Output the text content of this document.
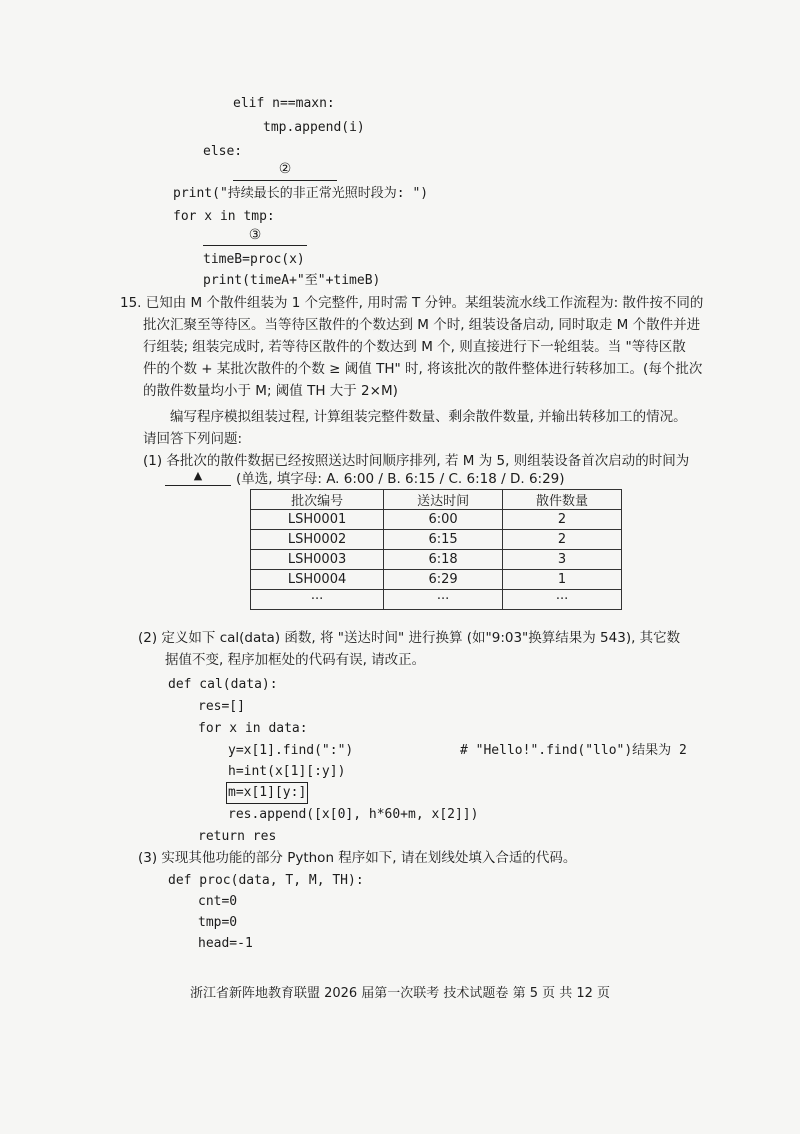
elif n==maxn:
tmp.append(i)
else:
②
print("持续最长的非正常光照时段为: ")
for x in tmp:
③
timeB=proc(x)
print(timeA+"至"+timeB)
15. 已知由 M 个散件组装为 1 个完整件, 用时需 T 分钟。某组装流水线工作流程为: 散件按不同的
批次汇聚至等待区。当等待区散件的个数达到 M 个时, 组装设备启动, 同时取走 M 个散件并进
行组装; 组装完成时, 若等待区散件的个数达到 M 个, 则直接进行下一轮组装。当 "等待区散
件的个数 + 某批次散件的个数 ≥ 阈值 TH" 时, 将该批次的散件整体进行转移加工。(每个批次
的散件数量均小于 M; 阈值 TH 大于 2×M)
编写程序模拟组装过程, 计算组装完整件数量、剩余散件数量, 并输出转移加工的情况。
请回答下列问题:
(1) 各批次的散件数据已经按照送达时间顺序排列, 若 M 为 5, 则组装设备首次启动的时间为
▲	(单选, 填字母: A. 6:00 / B. 6:15 / C. 6:18 / D. 6:29)
批次编号	送达时间	散件数量
LSH0001	6:00	2
LSH0002	6:15	2
LSH0003	6:18	3
LSH0004	6:29	1
···	···	···
(2) 定义如下 cal(data) 函数, 将 "送达时间" 进行换算 (如"9:03"换算结果为 543), 其它数
据值不变, 程序加框处的代码有误, 请改正。
def cal(data):
res=[]
for x in data:
y=x[1].find(":")	# "Hello!".find("llo")结果为 2
h=int(x[1][:y])
m=x[1][y:]
res.append([x[0], h*60+m, x[2]])
return res
(3) 实现其他功能的部分 Python 程序如下, 请在划线处填入合适的代码。
def proc(data, T, M, TH):
cnt=0
tmp=0
head=-1
浙江省新阵地教育联盟 2026 届第一次联考 技术试题卷 第 5 页 共 12 页
